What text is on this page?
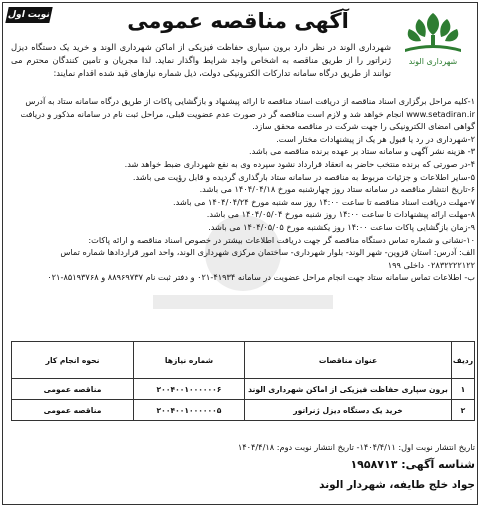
نوبت اول
شهرداری الوند
آگهی مناقصه عمومی
شهرداری الوند در نظر دارد برون سپاری حفاظت فیزیکی از اماکن شهرداری الوند و خرید یک دستگاه دیزل ژنراتور را از طریق مناقصه به اشخاص واجد شرایط واگذار نماید. لذا مجریان و تامین کنندگان محترم می توانند از طریق درگاه سامانه تدارکات الکترونیکی دولت، ذیل شماره نیازهای قید شده اقدام نمایند:

۱-کلیه مراحل برگزاری اسناد مناقصه از دریافت اسناد مناقصه تا ارائه پیشنهاد و بازگشایی پاکات از طریق درگاه سامانه ستاد به آدرس www.setadiran.ir انجام خواهد شد و لازم است مناقصه گر در صورت عدم عضویت قبلی، مراحل ثبت نام در سامانه مذکور و دریافت گواهی امضای الکترونیکی را جهت شرکت در مناقصه محقق سازد.

۲-شهرداری در رد یا قبول هر یک از پیشنهادات مختار است.

۳- هزینه نشر آگهی و سامانه ستاد بر عهده برنده مناقصه می باشد.

۴-در صورتی که برنده منتخب حاضر به انعقاد قرارداد نشود سپرده وی به نفع شهرداری ضبط خواهد شد.

۵-سایر اطلاعات و جزئیات مربوط به مناقصه در سامانه ستاد بارگذاری گردیده و قابل رؤیت می باشد.

۶-تاریخ انتشار مناقصه در سامانه ستاد روز چهارشنبه مورخ ۱۴۰۴/۰۴/۱۸ می باشد.

۷-مهلت دریافت اسناد مناقصه تا ساعت ۱۴:۰۰ روز سه شنبه مورخ ۱۴۰۴/۰۴/۲۴ می باشد.

۸-مهلت ارائه پیشنهادات تا ساعت ۱۴:۰۰ روز شنبه مورخ ۱۴۰۴/۰۵/۰۴ می باشد.

۹-زمان بازگشایی پاکات ساعت ۱۴:۰۰ روز یکشنبه مورخ ۱۴۰۴/۰۵/۰۵ می باشد.

۱۰-نشانی و شماره تماس دستگاه مناقصه گر جهت دریافت اطلاعات بیشتر در خصوص اسناد مناقصه و ارائه پاکات:

الف: آدرس: استان قزوین- شهر الوند- بلوار شهرداری- ساختمان مرکزی شهرداری الوند، واحد امور قراردادها شماره تماس ۰۲۸۳۲۲۲۲۱۲۲ داخلی ۱۹۹

ب- اطلاعات تماس سامانه ستاد جهت انجام مراحل عضویت در سامانه ۴۱۹۳۴-۰۲۱ و دفتر ثبت نام ۸۸۹۶۹۷۳۷ و ۸۵۱۹۳۷۶۸-۰۲۱

ردیف	عنوان مناقصات	شماره نیازها	نحوه انجام کار
۱	برون سپاری حفاظت فیزیکی از اماکن شهرداری الوند	۲۰۰۴۰۰۱۰۰۰۰۰۰۶	مناقصه عمومی
۲	خرید یک دستگاه دیزل ژنراتور	۲۰۰۴۰۰۱۰۰۰۰۰۰۵	مناقصه عمومی
تاریخ انتشار نوبت اول: ۱۴۰۴/۴/۱۱- تاریخ انتشار نوبت دوم: ۱۴۰۴/۴/۱۸
شناسه آگهی: ۱۹۵۸۷۱۳
جواد خلج طایفه، شهردار الوند
